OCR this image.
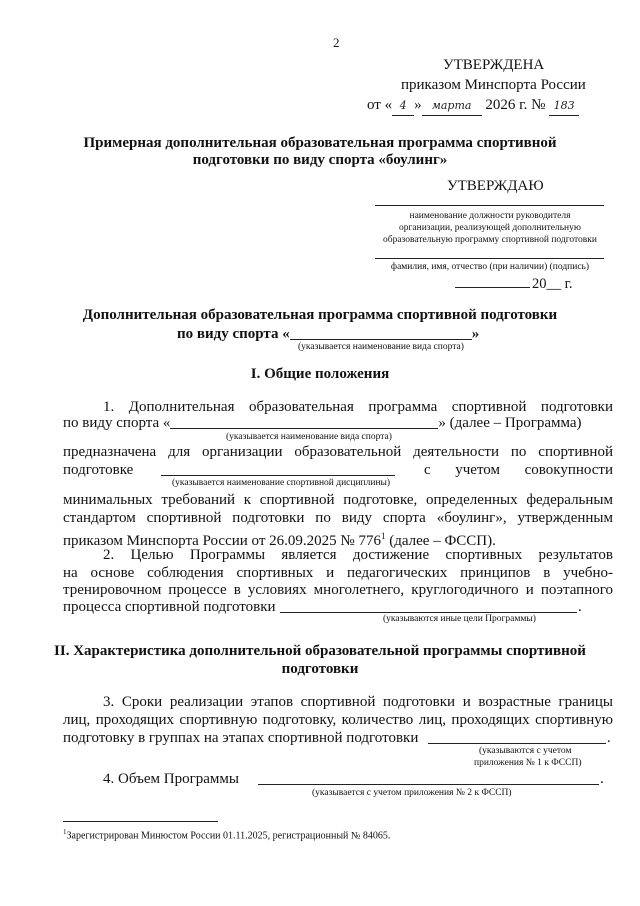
2
УТВЕРЖДЕНА
приказом Минспорта России
от « 4 » марта 2026 г. № 183
Примерная дополнительная образовательная программа спортивной
подготовки по виду спорта «боулинг»
УТВЕРЖДАЮ
наименование должности руководителя
организации, реализующей дополнительную
образовательную программу спортивной подготовки
фамилия, имя, отчество (при наличии) (подпись)
20__ г.
Дополнительная образовательная программа спортивной подготовки
по виду спорта «	»
(указывается наименование вида спорта)
I. Общие положения
1. Дополнительная образовательная программа спортивной подготовки
по виду спорта «	» (далее – Программа)
(указывается наименование вида спорта)
предназначена для организации образовательной деятельности по спортивной
подготовке	с учетом совокупности
(указывается наименование спортивной дисциплины)
минимальных требований к спортивной подготовке, определенных федеральным
стандартом спортивной подготовки по виду спорта «боулинг», утвержденным
приказом Минспорта России от 26.09.2025 № $776^1$ (далее – ФССП).
2. Целью Программы является достижение спортивных результатов
на основе соблюдения спортивных и педагогических принципов в учебно-
тренировочном процессе в условиях многолетнего, круглогодичного и поэтапного
процесса спортивной подготовки	.
(указываются иные цели Программы)
II. Характеристика дополнительной образовательной программы спортивной
подготовки
3. Сроки реализации этапов спортивной подготовки и возрастные границы
лиц, проходящих спортивную подготовку, количество лиц, проходящих спортивную
подготовку в группах на этапах спортивной подготовки	.
(указываются с учетом
приложения № 1 к ФССП)
4. Объем Программы	.
(указывается с учетом приложения № 2 к ФССП)
$^1$Зарегистрирован Минюстом России 01.11.2025, регистрационный № 84065.
